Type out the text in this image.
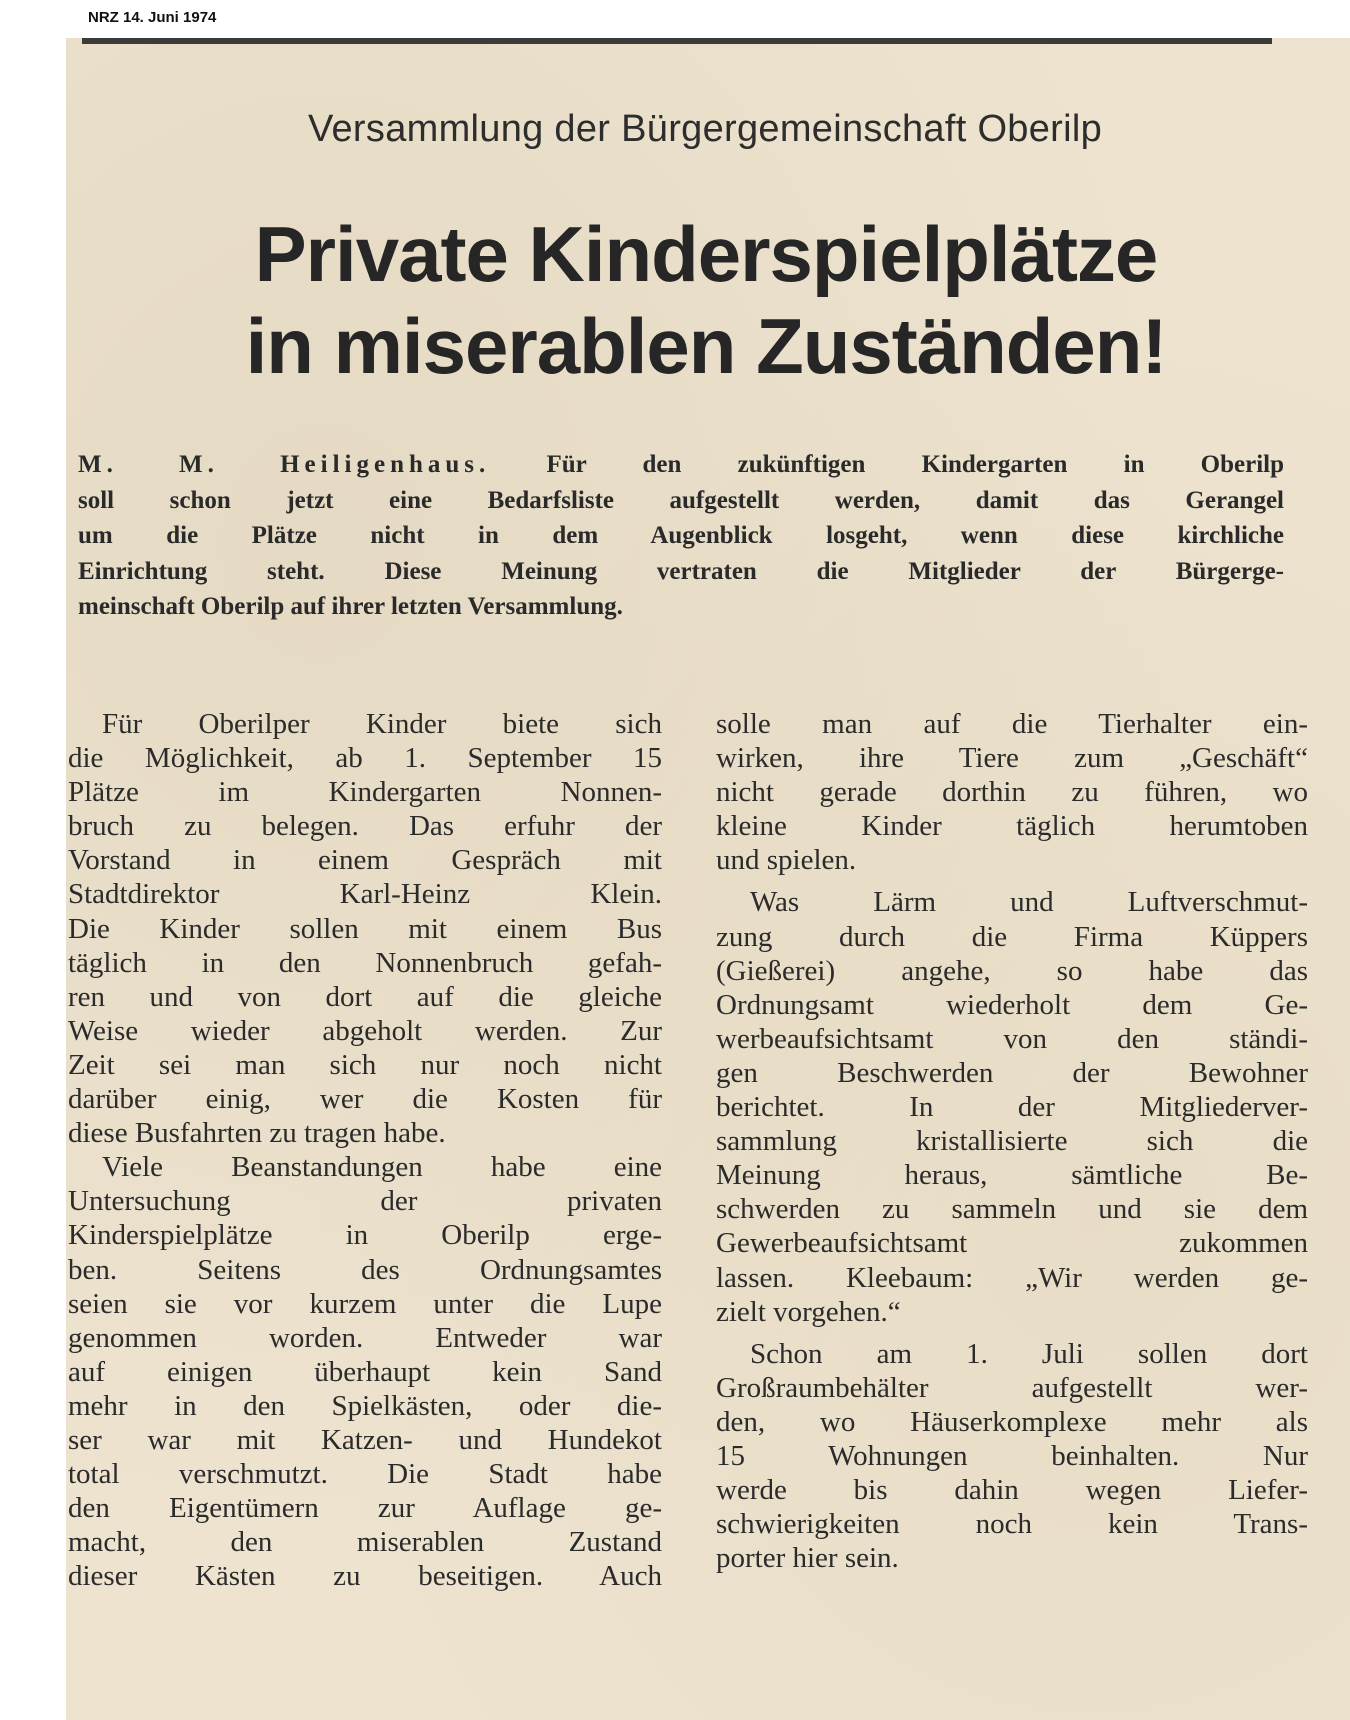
NRZ 14. Juni 1974
Versammlung der Bürgergemeinschaft Oberilp
Private Kinderspielplätze
in miserablen Zuständen!
M. M. Heiligenhaus. Für den zukünftigen Kindergarten in Oberilp
soll schon jetzt eine Bedarfsliste aufgestellt werden, damit das Gerangel
um die Plätze nicht in dem Augenblick losgeht, wenn diese kirchliche
Einrichtung steht. Diese Meinung vertraten die Mitglieder der Bürgerge-
meinschaft Oberilp auf ihrer letzten Versammlung.
Für Oberilper Kinder biete sich
die Möglichkeit, ab 1. September 15
Plätze im Kindergarten Nonnen-
bruch zu belegen. Das erfuhr der
Vorstand in einem Gespräch mit
Stadtdirektor Karl-Heinz Klein.
Die Kinder sollen mit einem Bus
täglich in den Nonnenbruch gefah-
ren und von dort auf die gleiche
Weise wieder abgeholt werden. Zur
Zeit sei man sich nur noch nicht
darüber einig, wer die Kosten für
diese Busfahrten zu tragen habe.
Viele Beanstandungen habe eine
Untersuchung der privaten
Kinderspielplätze in Oberilp erge-
ben. Seitens des Ordnungsamtes
seien sie vor kurzem unter die Lupe
genommen worden. Entweder war
auf einigen überhaupt kein Sand
mehr in den Spielkästen, oder die-
ser war mit Katzen- und Hundekot
total verschmutzt. Die Stadt habe
den Eigentümern zur Auflage ge-
macht, den miserablen Zustand
dieser Kästen zu beseitigen. Auch
solle man auf die Tierhalter ein-
wirken, ihre Tiere zum „Geschäft“
nicht gerade dorthin zu führen, wo
kleine Kinder täglich herumtoben
und spielen.
Was Lärm und Luftverschmut-
zung durch die Firma Küppers
(Gießerei) angehe, so habe das
Ordnungsamt wiederholt dem Ge-
werbeaufsichtsamt von den ständi-
gen Beschwerden der Bewohner
berichtet. In der Mitgliederver-
sammlung kristallisierte sich die
Meinung heraus, sämtliche Be-
schwerden zu sammeln und sie dem
Gewerbeaufsichtsamt zukommen
lassen. Kleebaum: „Wir werden ge-
zielt vorgehen.“
Schon am 1. Juli sollen dort
Großraumbehälter aufgestellt wer-
den, wo Häuserkomplexe mehr als
15 Wohnungen beinhalten. Nur
werde bis dahin wegen Liefer-
schwierigkeiten noch kein Trans-
porter hier sein.
